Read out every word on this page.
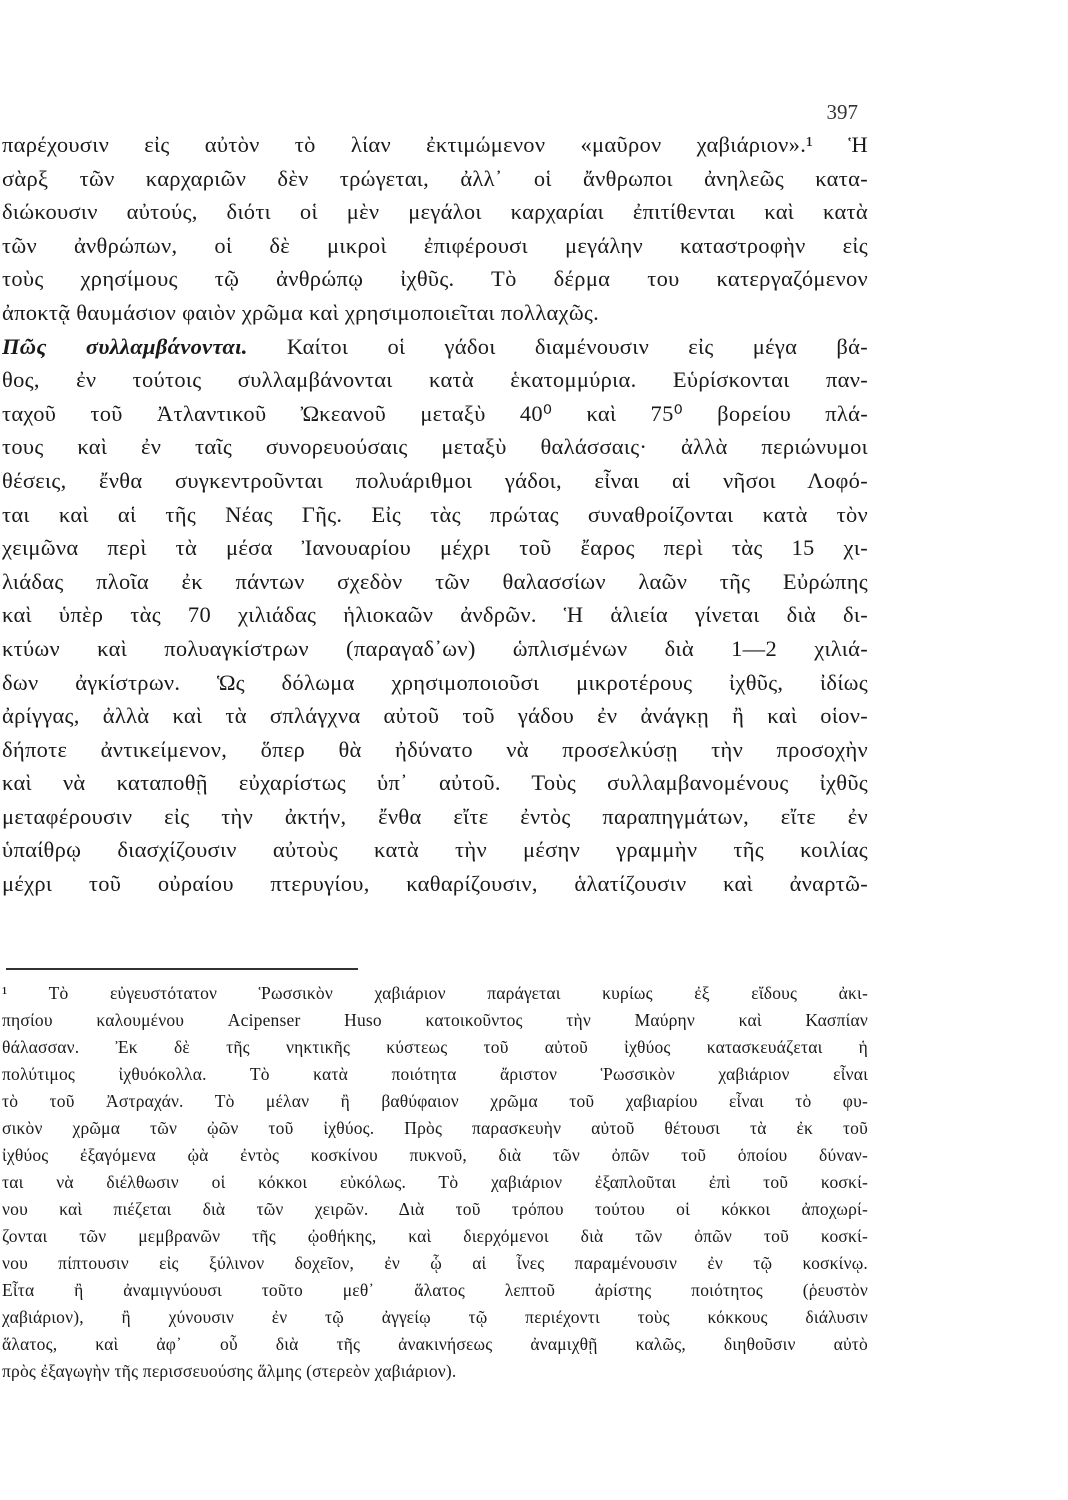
397
παρέχουσιν εἰς αὐτὸν τὸ λίαν ἐκτιμώμενον «μαῦρον χαβιάριον».¹ Ἡ
σὰρξ τῶν καρχαριῶν δὲν τρώγεται, ἀλλ᾽ οἱ ἄνθρωποι ἀνηλεῶς κατα-
διώκουσιν αὐτούς, διότι οἱ μὲν μεγάλοι καρχαρίαι ἐπιτίθενται καὶ κατὰ
τῶν ἀνθρώπων, οἱ δὲ μικροὶ ἐπιφέρουσι μεγάλην καταστροφὴν εἰς
τοὺς χρησίμους τῷ ἀνθρώπῳ ἰχθῦς. Τὸ δέρμα του κατεργαζόμενον
ἀποκτᾷ θαυμάσιον φαιὸν χρῶμα καὶ χρησιμοποιεῖται πολλαχῶς.
Πῶς συλλαμβάνονται. Καίτοι οἱ γάδοι διαμένουσιν εἰς μέγα βά-
θος, ἐν τούτοις συλλαμβάνονται κατὰ ἑκατομμύρια. Εὑρίσκονται παν-
ταχοῦ τοῦ Ἀτλαντικοῦ Ὠκεανοῦ μεταξὺ 40⁰ καὶ 75⁰ βορείου πλά-
τους καὶ ἐν ταῖς συνορευούσαις μεταξὺ θαλάσσαις· ἀλλὰ περιώνυμοι
θέσεις, ἔνθα συγκεντροῦνται πολυάριθμοι γάδοι, εἶναι αἱ νῆσοι Λοφό-
ται καὶ αἱ τῆς Νέας Γῆς. Εἰς τὰς πρώτας συναθροίζονται κατὰ τὸν
χειμῶνα περὶ τὰ μέσα Ἰανουαρίου μέχρι τοῦ ἔαρος περὶ τὰς 15 χι-
λιάδας πλοῖα ἐκ πάντων σχεδὸν τῶν θαλασσίων λαῶν τῆς Εὐρώπης
καὶ ὑπὲρ τὰς 70 χιλιάδας ἡλιοκαῶν ἀνδρῶν. Ἡ ἁλιεία γίνεται διὰ δι-
κτύων καὶ πολυαγκίστρων (παραγαδ᾽ων) ὡπλισμένων διὰ 1—2 χιλιά-
δων ἀγκίστρων. Ὡς δόλωμα χρησιμοποιοῦσι μικροτέρους ἰχθῦς, ἰδίως
ἀρίγγας, ἀλλὰ καὶ τὰ σπλάγχνα αὐτοῦ τοῦ γάδου ἐν ἀνάγκῃ ἢ καὶ οἱον-
δήποτε ἀντικείμενον, ὅπερ θὰ ἠδύνατο νὰ προσελκύσῃ τὴν προσοχὴν
καὶ νὰ καταποθῇ εὐχαρίστως ὑπ᾽ αὐτοῦ. Τοὺς συλλαμβανομένους ἰχθῦς
μεταφέρουσιν εἰς τὴν ἀκτήν, ἔνθα εἴτε ἐντὸς παραπηγμάτων, εἴτε ἐν
ὑπαίθρῳ διασχίζουσιν αὐτοὺς κατὰ τὴν μέσην γραμμὴν τῆς κοιλίας
μέχρι τοῦ οὐραίου πτερυγίου, καθαρίζουσιν, ἁλατίζουσιν καὶ ἀναρτῶ-
¹ Τὸ εὐγευστότατον Ῥωσσικὸν χαβιάριον παράγεται κυρίως ἐξ εἴδους ἀκι-
πησίου καλουμένου Acipenser Huso κατοικοῦντος τὴν Μαύρην καὶ Κασπίαν
θάλασσαν. Ἐκ δὲ τῆς νηκτικῆς κύστεως τοῦ αὐτοῦ ἰχθύος κατασκευάζεται ἡ
πολύτιμος ἰχθυόκολλα. Τὸ κατὰ ποιότητα ἄριστον Ῥωσσικὸν χαβιάριον εἶναι
τὸ τοῦ Ἀστραχάν. Τὸ μέλαν ἢ βαθύφαιον χρῶμα τοῦ χαβιαρίου εἶναι τὸ φυ-
σικὸν χρῶμα τῶν ᾠῶν τοῦ ἰχθύος. Πρὸς παρασκευὴν αὐτοῦ θέτουσι τὰ ἐκ τοῦ
ἰχθύος ἐξαγόμενα ᾠὰ ἐντὸς κοσκίνου πυκνοῦ, διὰ τῶν ὀπῶν τοῦ ὁποίου δύναν-
ται νὰ διέλθωσιν οἱ κόκκοι εὐκόλως. Τὸ χαβιάριον ἐξαπλοῦται ἐπὶ τοῦ κοσκί-
νου καὶ πιέζεται διὰ τῶν χειρῶν. Διὰ τοῦ τρόπου τούτου οἱ κόκκοι ἀποχωρί-
ζονται τῶν μεμβρανῶν τῆς ᾠοθήκης, καὶ διερχόμενοι διὰ τῶν ὀπῶν τοῦ κοσκί-
νου πίπτουσιν εἰς ξύλινον δοχεῖον, ἐν ᾧ αἱ ἶνες παραμένουσιν ἐν τῷ κοσκίνῳ.
Εἶτα ἢ ἀναμιγνύουσι τοῦτο μεθ᾽ ἅλατος λεπτοῦ ἀρίστης ποιότητος (ῥευστὸν
χαβιάριον), ἢ χύνουσιν ἐν τῷ ἀγγείῳ τῷ περιέχοντι τοὺς κόκκους διάλυσιν
ἅλατος, καὶ ἀφ᾽ οὗ διὰ τῆς ἀνακινήσεως ἀναμιχθῇ καλῶς, διηθοῦσιν αὐτὸ
πρὸς ἐξαγωγὴν τῆς περισσευούσης ἅλμης (στερεὸν χαβιάριον).
